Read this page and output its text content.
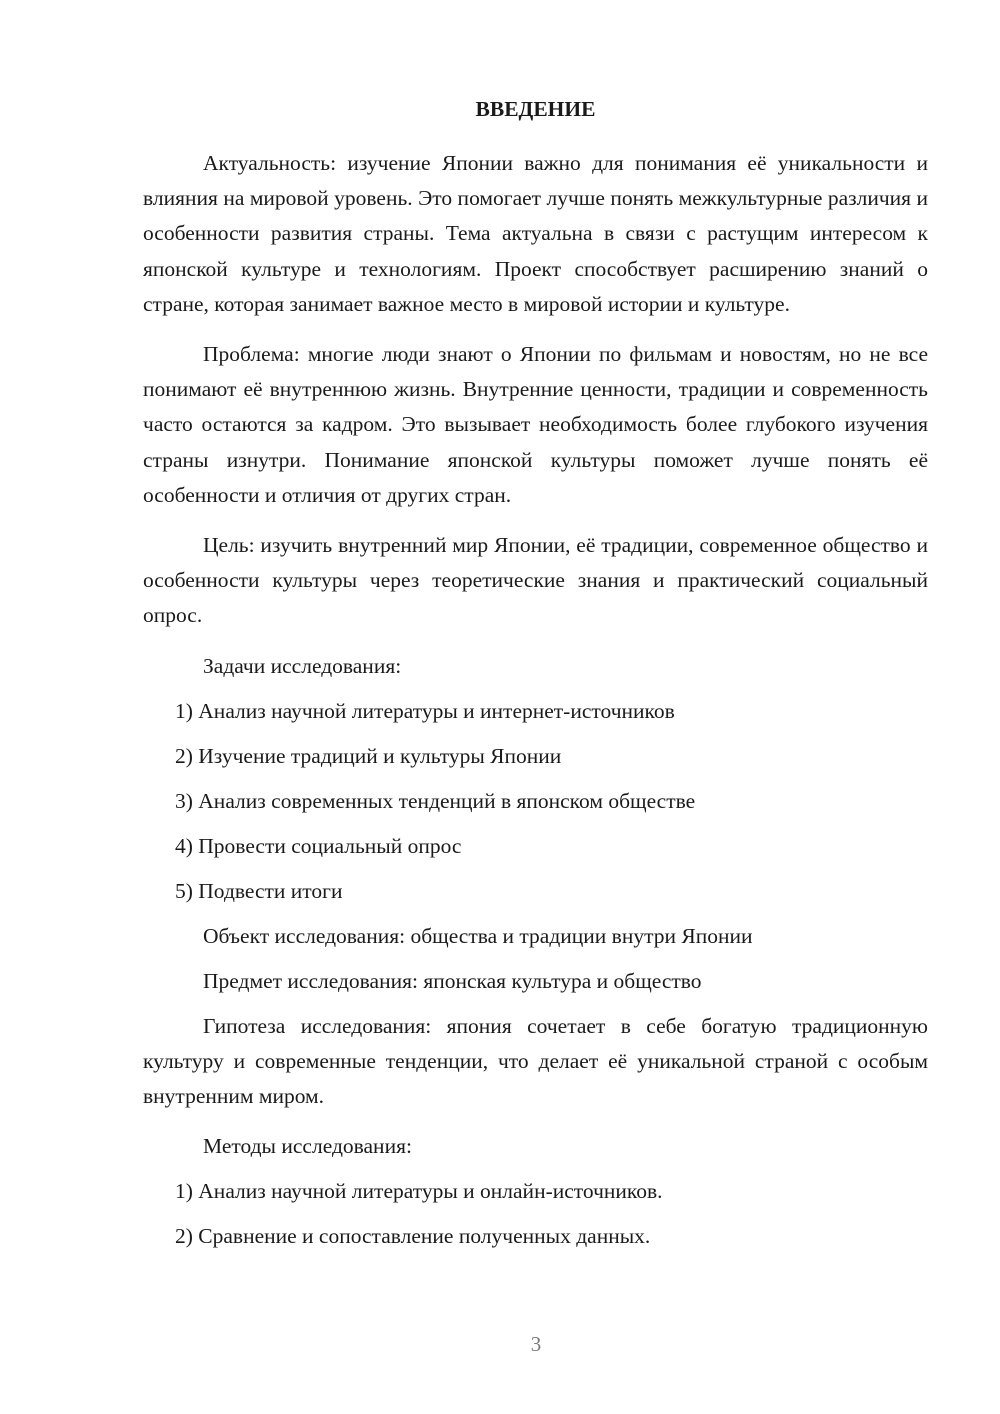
ВВЕДЕНИЕ

Актуальность: изучение Японии важно для понимания её уникальности и влияния на мировой уровень. Это помогает лучше понять межкультурные различия и особенности развития страны. Тема актуальна в связи с растущим интересом к японской культуре и технологиям. Проект способствует расширению знаний о стране, которая занимает важное место в мировой истории и культуре.

Проблема: многие люди знают о Японии по фильмам и новостям, но не все понимают её внутреннюю жизнь. Внутренние ценности, традиции и современность часто остаются за кадром. Это вызывает необходимость более глубокого изучения страны изнутри. Понимание японской культуры поможет лучше понять её особенности и отличия от других стран.

Цель: изучить внутренний мир Японии, её традиции, современное общество и особенности культуры через теоретические знания и практический социальный опрос.

Задачи исследования:
1) Анализ научной литературы и интернет-источников
2) Изучение традиций и культуры Японии
3) Анализ современных тенденций в японском обществе
4) Провести социальный опрос
5) Подвести итоги
Объект исследования: общества и традиции внутри Японии
Предмет исследования: японская культура и общество

Гипотеза исследования: япония сочетает в себе богатую традиционную культуру и современные тенденции, что делает её уникальной страной с особым внутренним миром.

Методы исследования:
1) Анализ научной литературы и онлайн-источников.
2) Сравнение и сопоставление полученных данных.
3
